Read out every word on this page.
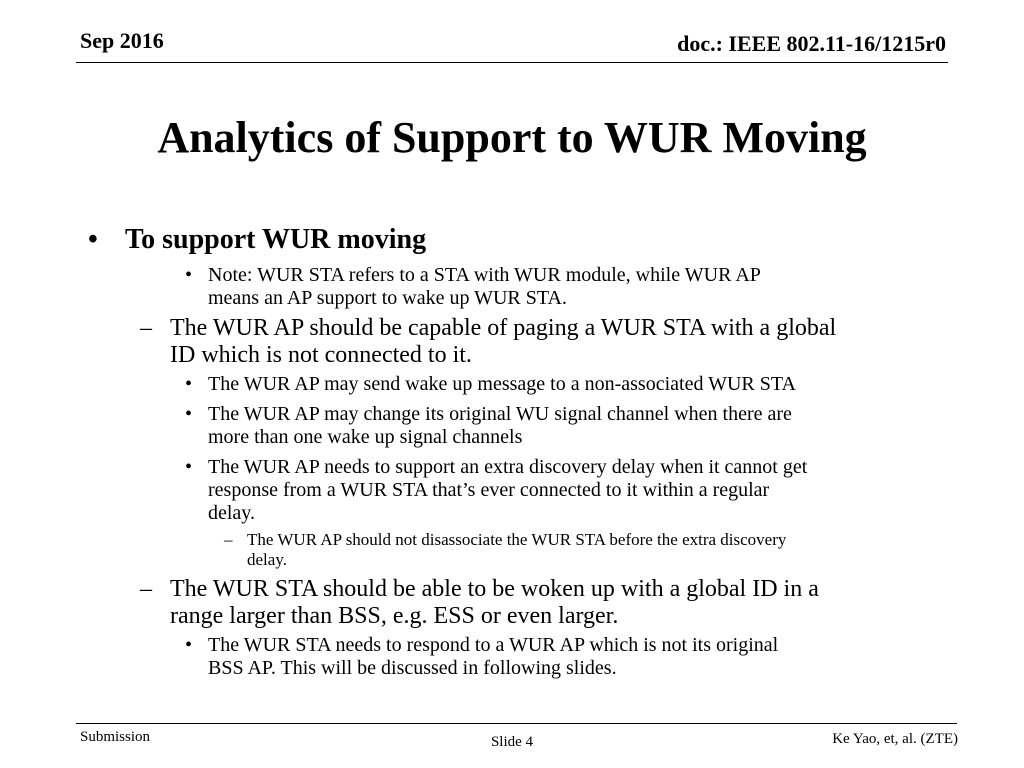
Sep 2016	doc.: IEEE 802.11-16/1215r0
Analytics of Support to WUR Moving
• To support WUR moving
• Note: WUR STA refers to a STA with WUR module, while WUR AP
means an AP support to wake up WUR STA.
– The WUR AP should be capable of paging a WUR STA with a global
ID which is not connected to it.
• The WUR AP may send wake up message to a non-associated WUR STA
• The WUR AP may change its original WU signal channel when there are
more than one wake up signal channels
• The WUR AP needs to support an extra discovery delay when it cannot get
response from a WUR STA that’s ever connected to it within a regular
delay.
– The WUR AP should not disassociate the WUR STA before the extra discovery
delay.
– The WUR STA should be able to be woken up with a global ID in a
range larger than BSS, e.g. ESS or even larger.
• The WUR STA needs to respond to a WUR AP which is not its original
BSS AP. This will be discussed in following slides.
Submission	Slide 4	Ke Yao, et, al. (ZTE)
